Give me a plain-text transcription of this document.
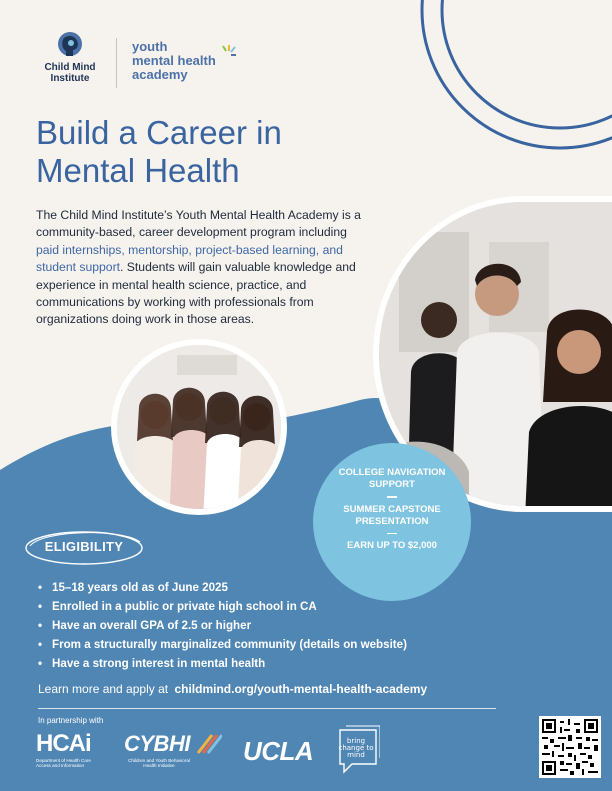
Child Mind Institute
youth
mental health
academy
Build a Career in Mental Health

The Child Mind Institute’s Youth Mental Health Academy is a community-based, career development program including paid internships, mentorship, project-based learning, and student support. Students will gain valuable knowledge and experience in mental health science, practice, and communications by working with professionals from organizations doing work in those areas.

COLLEGE NAVIGATION SUPPORT
SUMMER CAPSTONE PRESENTATION
EARN UP TO $2,000
ELIGIBILITY
• 15–18 years old as of June 2025
• Enrolled in a public or private high school in CA
• Have an overall GPA of 2.5 or higher
• From a structurally marginalized community (details on website)
• Have a strong interest in mental health
Learn more and apply at childmind.org/youth-mental-health-academy
In partnership with
HCAi
Department of Health Care Access and Information
CYBHI
Children and Youth Behavioral Health Initiative	UCLA	bring change to mind
